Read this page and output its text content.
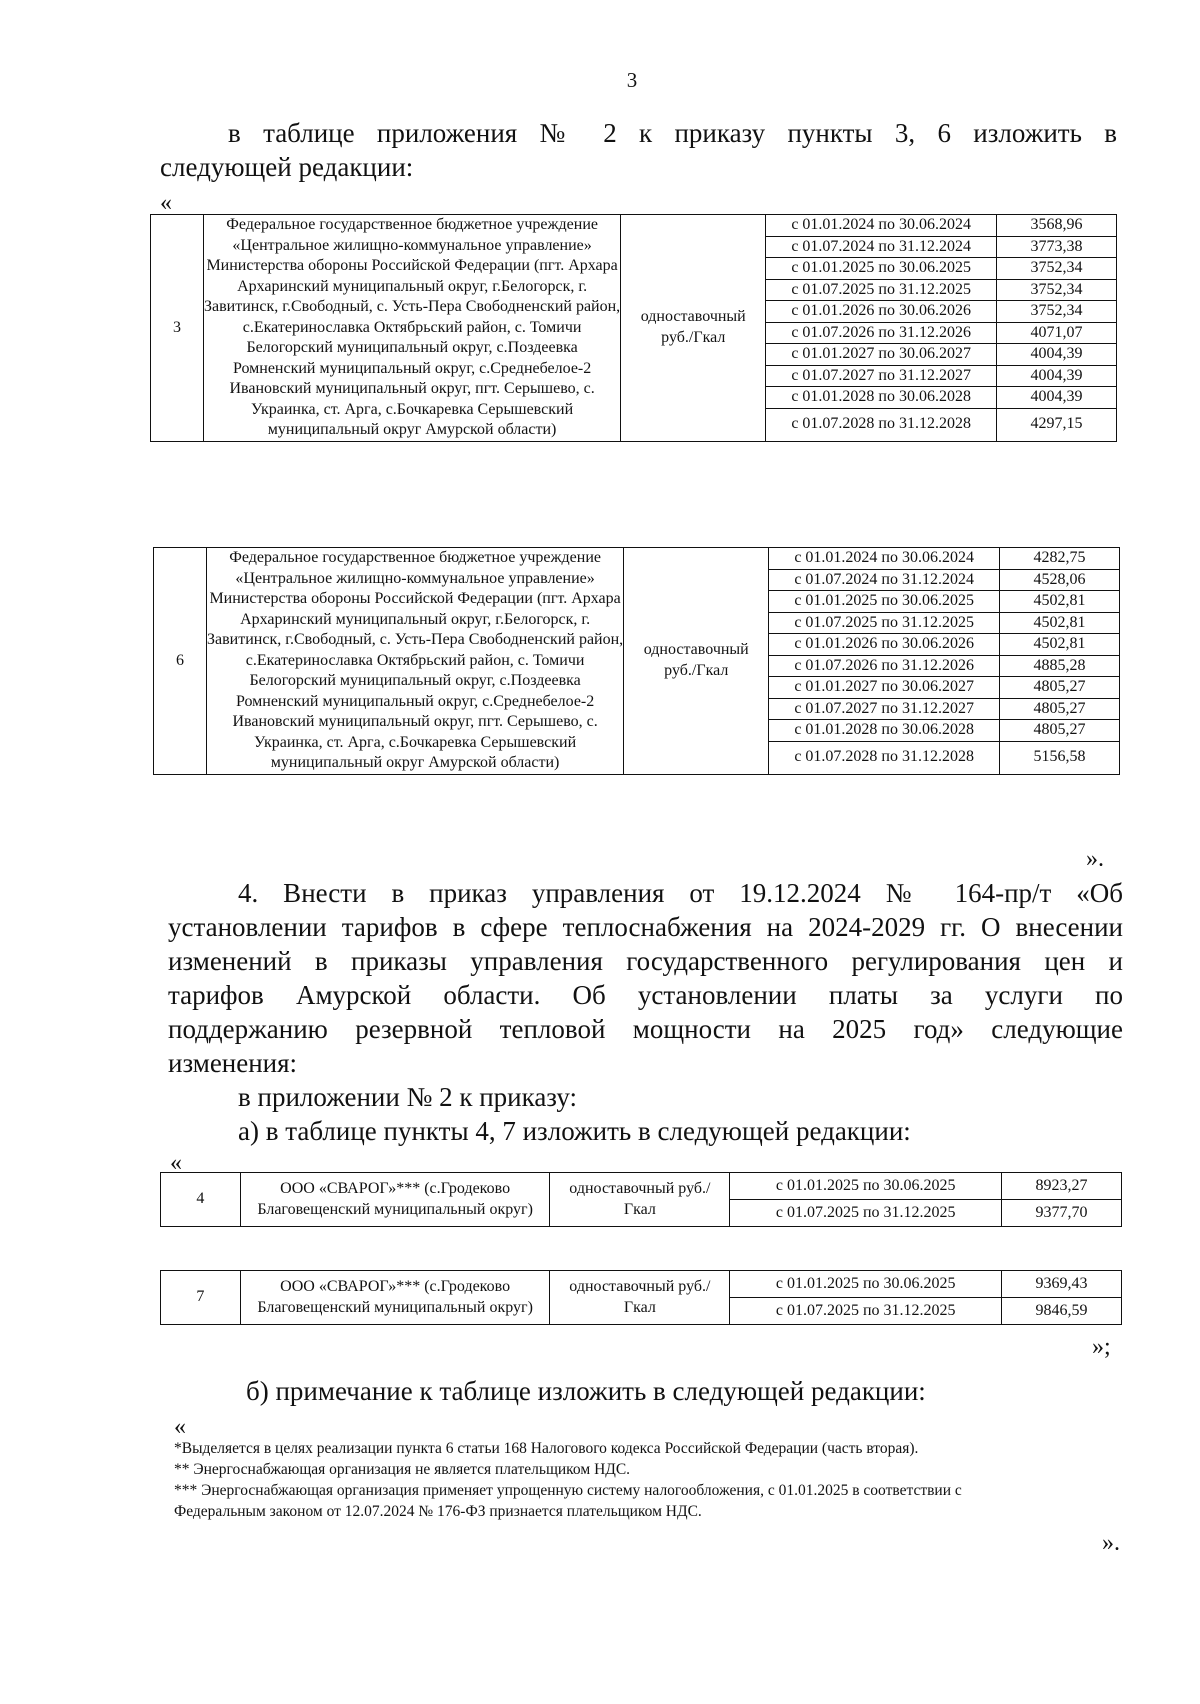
3
в таблице приложения № 2 к приказу пункты 3, 6 изложить в
следующей редакции:
«
3	Федеральное государственное бюджетное учреждение «Центральное жилищно-коммунальное управление» Министерства обороны Российской Федерации (пгт. Архара Архаринский муниципальный округ, г.Белогорск, г. Завитинск, г.Свободный, с. Усть-Пера Свободненский район, с.Екатеринославка Октябрьский район, с. Томичи Белогорский муниципальный округ, с.Поздеевка Ромненский муниципальный округ, с.Среднебелое-2 Ивановский муниципальный округ, пгт. Серышево, с. Украинка, ст. Арга, с.Бочкаревка Серышевский муниципальный округ Амурской области)	одноставочный руб./Гкал	с 01.01.2024 по 30.06.2024	3568,96
			с 01.07.2024 по 31.12.2024	3773,38
			с 01.01.2025 по 30.06.2025	3752,34
			с 01.07.2025 по 31.12.2025	3752,34
			с 01.01.2026 по 30.06.2026	3752,34
			с 01.07.2026 по 31.12.2026	4071,07
			с 01.01.2027 по 30.06.2027	4004,39
			с 01.07.2027 по 31.12.2027	4004,39
			с 01.01.2028 по 30.06.2028	4004,39
			с 01.07.2028 по 31.12.2028	4297,15
6	Федеральное государственное бюджетное учреждение «Центральное жилищно-коммунальное управление» Министерства обороны Российской Федерации (пгт. Архара Архаринский муниципальный округ, г.Белогорск, г. Завитинск, г.Свободный, с. Усть-Пера Свободненский район, с.Екатеринославка Октябрьский район, с. Томичи Белогорский муниципальный округ, с.Поздеевка Ромненский муниципальный округ, с.Среднебелое-2 Ивановский муниципальный округ, пгт. Серышево, с. Украинка, ст. Арга, с.Бочкаревка Серышевский муниципальный округ Амурской области)	одноставочный руб./Гкал	с 01.01.2024 по 30.06.2024	4282,75
			с 01.07.2024 по 31.12.2024	4528,06
			с 01.01.2025 по 30.06.2025	4502,81
			с 01.07.2025 по 31.12.2025	4502,81
			с 01.01.2026 по 30.06.2026	4502,81
			с 01.07.2026 по 31.12.2026	4885,28
			с 01.01.2027 по 30.06.2027	4805,27
			с 01.07.2027 по 31.12.2027	4805,27
			с 01.01.2028 по 30.06.2028	4805,27
			с 01.07.2028 по 31.12.2028	5156,58
».
4. Внести в приказ управления от 19.12.2024 № 164-пр/т «Об
установлении тарифов в сфере теплоснабжения на 2024-2029 гг. О внесении
изменений в приказы управления государственного регулирования цен и
тарифов Амурской области. Об установлении платы за услуги по
поддержанию резервной тепловой мощности на 2025 год» следующие
изменения:
в приложении № 2 к приказу:
а) в таблице пункты 4, 7 изложить в следующей редакции:
«
4	ООО «СВАРОГ»*** (с.Гродеково Благовещенский муниципальный округ)	одноставочный руб./Гкал	с 01.01.2025 по 30.06.2025	8923,27
			с 01.07.2025 по 31.12.2025	9377,70
7	ООО «СВАРОГ»*** (с.Гродеково Благовещенский муниципальный округ)	одноставочный руб./Гкал	с 01.01.2025 по 30.06.2025	9369,43
			с 01.07.2025 по 31.12.2025	9846,59
»;
б) примечание к таблице изложить в следующей редакции:
«
*Выделяется в целях реализации пункта 6 статьи 168 Налогового кодекса Российской Федерации (часть вторая).
** Энергоснабжающая организация не является плательщиком НДС.
*** Энергоснабжающая организация применяет упрощенную систему налогообложения, с 01.01.2025 в соответствии с
Федеральным законом от 12.07.2024 № 176-ФЗ признается плательщиком НДС.
».
